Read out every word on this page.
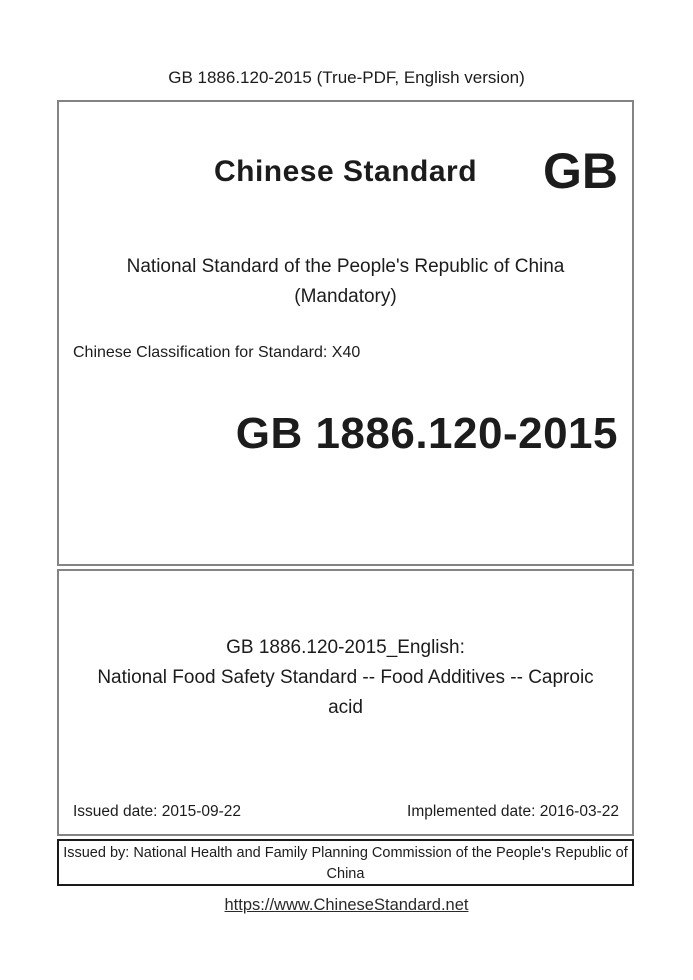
GB 1886.120-2015 (True-PDF, English version)
Chinese Standard	GB
National Standard of the People's Republic of China
(Mandatory)
Chinese Classification for Standard: X40
GB 1886.120-2015
GB 1886.120-2015_English:
National Food Safety Standard -- Food Additives -- Caproic
acid
Issued date: 2015-09-22	Implemented date: 2016-03-22
Issued by: National Health and Family Planning Commission of the People's Republic of
China
https://www.ChineseStandard.net
